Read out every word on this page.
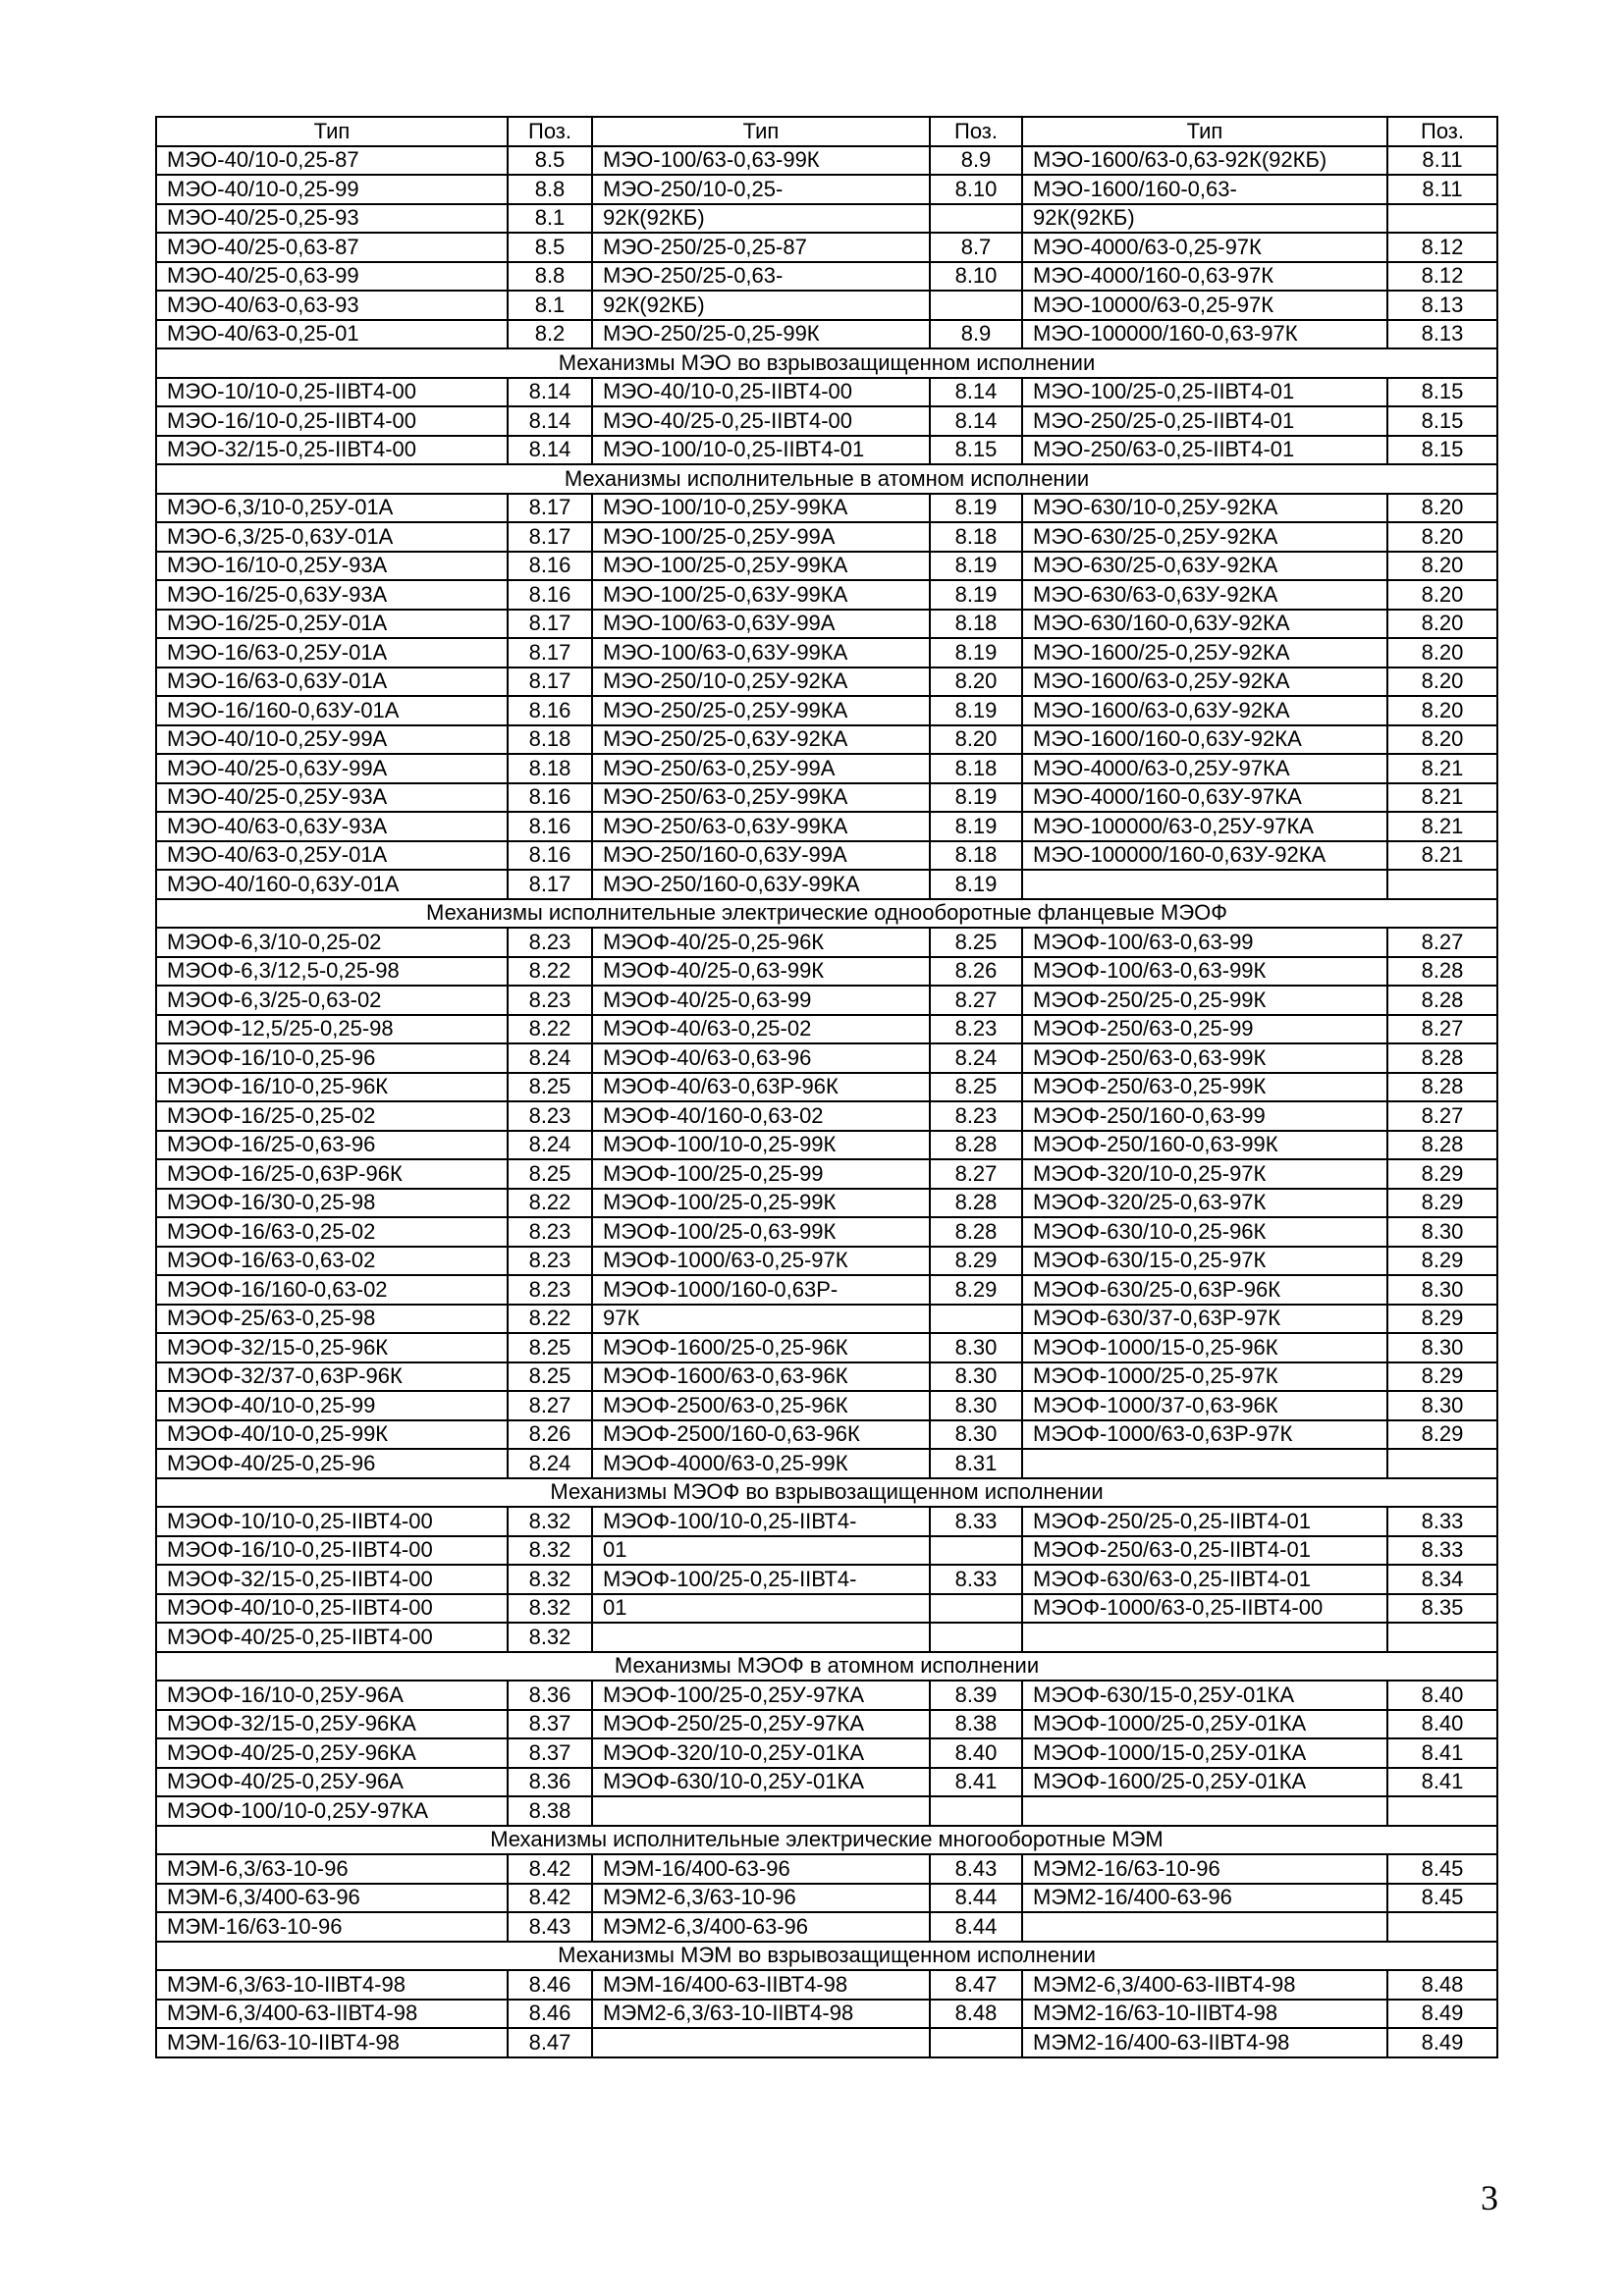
Тип	Поз.	Тип	Поз.	Тип	Поз.
МЭО-40/10-0,25-87	8.5	МЭО-100/63-0,63-99К	8.9	МЭО-1600/63-0,63-92К(92КБ)	8.11
МЭО-40/10-0,25-99	8.8	МЭО-250/10-0,25-	8.10	МЭО-1600/160-0,63-	8.11
МЭО-40/25-0,25-93	8.1	92К(92КБ)		92К(92КБ)	
МЭО-40/25-0,63-87	8.5	МЭО-250/25-0,25-87	8.7	МЭО-4000/63-0,25-97К	8.12
МЭО-40/25-0,63-99	8.8	МЭО-250/25-0,63-	8.10	МЭО-4000/160-0,63-97К	8.12
МЭО-40/63-0,63-93	8.1	92К(92КБ)		МЭО-10000/63-0,25-97К	8.13
МЭО-40/63-0,25-01	8.2	МЭО-250/25-0,25-99К	8.9	МЭО-100000/160-0,63-97К	8.13
Механизмы МЭО во взрывозащищенном исполнении					
МЭО-10/10-0,25-IIВТ4-00	8.14	МЭО-40/10-0,25-IIВТ4-00	8.14	МЭО-100/25-0,25-IIВТ4-01	8.15
МЭО-16/10-0,25-IIВТ4-00	8.14	МЭО-40/25-0,25-IIВТ4-00	8.14	МЭО-250/25-0,25-IIВТ4-01	8.15
МЭО-32/15-0,25-IIВТ4-00	8.14	МЭО-100/10-0,25-IIВТ4-01	8.15	МЭО-250/63-0,25-IIВТ4-01	8.15
Механизмы исполнительные в атомном исполнении					
МЭО-6,3/10-0,25У-01А	8.17	МЭО-100/10-0,25У-99КА	8.19	МЭО-630/10-0,25У-92КА	8.20
МЭО-6,3/25-0,63У-01А	8.17	МЭО-100/25-0,25У-99А	8.18	МЭО-630/25-0,25У-92КА	8.20
МЭО-16/10-0,25У-93А	8.16	МЭО-100/25-0,25У-99КА	8.19	МЭО-630/25-0,63У-92КА	8.20
МЭО-16/25-0,63У-93А	8.16	МЭО-100/25-0,63У-99КА	8.19	МЭО-630/63-0,63У-92КА	8.20
МЭО-16/25-0,25У-01А	8.17	МЭО-100/63-0,63У-99А	8.18	МЭО-630/160-0,63У-92КА	8.20
МЭО-16/63-0,25У-01А	8.17	МЭО-100/63-0,63У-99КА	8.19	МЭО-1600/25-0,25У-92КА	8.20
МЭО-16/63-0,63У-01А	8.17	МЭО-250/10-0,25У-92КА	8.20	МЭО-1600/63-0,25У-92КА	8.20
МЭО-16/160-0,63У-01А	8.16	МЭО-250/25-0,25У-99КА	8.19	МЭО-1600/63-0,63У-92КА	8.20
МЭО-40/10-0,25У-99А	8.18	МЭО-250/25-0,63У-92КА	8.20	МЭО-1600/160-0,63У-92КА	8.20
МЭО-40/25-0,63У-99А	8.18	МЭО-250/63-0,25У-99А	8.18	МЭО-4000/63-0,25У-97КА	8.21
МЭО-40/25-0,25У-93А	8.16	МЭО-250/63-0,25У-99КА	8.19	МЭО-4000/160-0,63У-97КА	8.21
МЭО-40/63-0,63У-93А	8.16	МЭО-250/63-0,63У-99КА	8.19	МЭО-100000/63-0,25У-97КА	8.21
МЭО-40/63-0,25У-01А	8.16	МЭО-250/160-0,63У-99А	8.18	МЭО-100000/160-0,63У-92КА	8.21
МЭО-40/160-0,63У-01А	8.17	МЭО-250/160-0,63У-99КА	8.19		
Механизмы исполнительные электрические однооборотные фланцевые МЭОФ					
МЭОФ-6,3/10-0,25-02	8.23	МЭОФ-40/25-0,25-96К	8.25	МЭОФ-100/63-0,63-99	8.27
МЭОФ-6,3/12,5-0,25-98	8.22	МЭОФ-40/25-0,63-99К	8.26	МЭОФ-100/63-0,63-99К	8.28
МЭОФ-6,3/25-0,63-02	8.23	МЭОФ-40/25-0,63-99	8.27	МЭОФ-250/25-0,25-99К	8.28
МЭОФ-12,5/25-0,25-98	8.22	МЭОФ-40/63-0,25-02	8.23	МЭОФ-250/63-0,25-99	8.27
МЭОФ-16/10-0,25-96	8.24	МЭОФ-40/63-0,63-96	8.24	МЭОФ-250/63-0,63-99К	8.28
МЭОФ-16/10-0,25-96К	8.25	МЭОФ-40/63-0,63Р-96К	8.25	МЭОФ-250/63-0,25-99К	8.28
МЭОФ-16/25-0,25-02	8.23	МЭОФ-40/160-0,63-02	8.23	МЭОФ-250/160-0,63-99	8.27
МЭОФ-16/25-0,63-96	8.24	МЭОФ-100/10-0,25-99К	8.28	МЭОФ-250/160-0,63-99К	8.28
МЭОФ-16/25-0,63Р-96К	8.25	МЭОФ-100/25-0,25-99	8.27	МЭОФ-320/10-0,25-97К	8.29
МЭОФ-16/30-0,25-98	8.22	МЭОФ-100/25-0,25-99К	8.28	МЭОФ-320/25-0,63-97К	8.29
МЭОФ-16/63-0,25-02	8.23	МЭОФ-100/25-0,63-99К	8.28	МЭОФ-630/10-0,25-96К	8.30
МЭОФ-16/63-0,63-02	8.23	МЭОФ-1000/63-0,25-97К	8.29	МЭОФ-630/15-0,25-97К	8.29
МЭОФ-16/160-0,63-02	8.23	МЭОФ-1000/160-0,63Р-	8.29	МЭОФ-630/25-0,63Р-96К	8.30
МЭОФ-25/63-0,25-98	8.22	97К		МЭОФ-630/37-0,63Р-97К	8.29
МЭОФ-32/15-0,25-96К	8.25	МЭОФ-1600/25-0,25-96К	8.30	МЭОФ-1000/15-0,25-96К	8.30
МЭОФ-32/37-0,63Р-96К	8.25	МЭОФ-1600/63-0,63-96К	8.30	МЭОФ-1000/25-0,25-97К	8.29
МЭОФ-40/10-0,25-99	8.27	МЭОФ-2500/63-0,25-96К	8.30	МЭОФ-1000/37-0,63-96К	8.30
МЭОФ-40/10-0,25-99К	8.26	МЭОФ-2500/160-0,63-96К	8.30	МЭОФ-1000/63-0,63Р-97К	8.29
МЭОФ-40/25-0,25-96	8.24	МЭОФ-4000/63-0,25-99К	8.31		
Механизмы МЭОФ во взрывозащищенном исполнении					
МЭОФ-10/10-0,25-IIВТ4-00	8.32	МЭОФ-100/10-0,25-IIВТ4-	8.33	МЭОФ-250/25-0,25-IIВТ4-01	8.33
МЭОФ-16/10-0,25-IIВТ4-00	8.32	01		МЭОФ-250/63-0,25-IIВТ4-01	8.33
МЭОФ-32/15-0,25-IIВТ4-00	8.32	МЭОФ-100/25-0,25-IIВТ4-	8.33	МЭОФ-630/63-0,25-IIВТ4-01	8.34
МЭОФ-40/10-0,25-IIВТ4-00	8.32	01		МЭОФ-1000/63-0,25-IIВТ4-00	8.35
МЭОФ-40/25-0,25-IIВТ4-00	8.32				
Механизмы МЭОФ в атомном исполнении					
МЭОФ-16/10-0,25У-96А	8.36	МЭОФ-100/25-0,25У-97КА	8.39	МЭОФ-630/15-0,25У-01КА	8.40
МЭОФ-32/15-0,25У-96КА	8.37	МЭОФ-250/25-0,25У-97КА	8.38	МЭОФ-1000/25-0,25У-01КА	8.40
МЭОФ-40/25-0,25У-96КА	8.37	МЭОФ-320/10-0,25У-01КА	8.40	МЭОФ-1000/15-0,25У-01КА	8.41
МЭОФ-40/25-0,25У-96А	8.36	МЭОФ-630/10-0,25У-01КА	8.41	МЭОФ-1600/25-0,25У-01КА	8.41
МЭОФ-100/10-0,25У-97КА	8.38				
Механизмы исполнительные электрические многооборотные МЭМ					
МЭМ-6,3/63-10-96	8.42	МЭМ-16/400-63-96	8.43	МЭМ2-16/63-10-96	8.45
МЭМ-6,3/400-63-96	8.42	МЭМ2-6,3/63-10-96	8.44	МЭМ2-16/400-63-96	8.45
МЭМ-16/63-10-96	8.43	МЭМ2-6,3/400-63-96	8.44		
Механизмы МЭМ во взрывозащищенном исполнении					
МЭМ-6,3/63-10-IIВТ4-98	8.46	МЭМ-16/400-63-IIВТ4-98	8.47	МЭМ2-6,3/400-63-IIВТ4-98	8.48
МЭМ-6,3/400-63-IIВТ4-98	8.46	МЭМ2-6,3/63-10-IIВТ4-98	8.48	МЭМ2-16/63-10-IIВТ4-98	8.49
МЭМ-16/63-10-IIВТ4-98	8.47			МЭМ2-16/400-63-IIВТ4-98	8.49
3
